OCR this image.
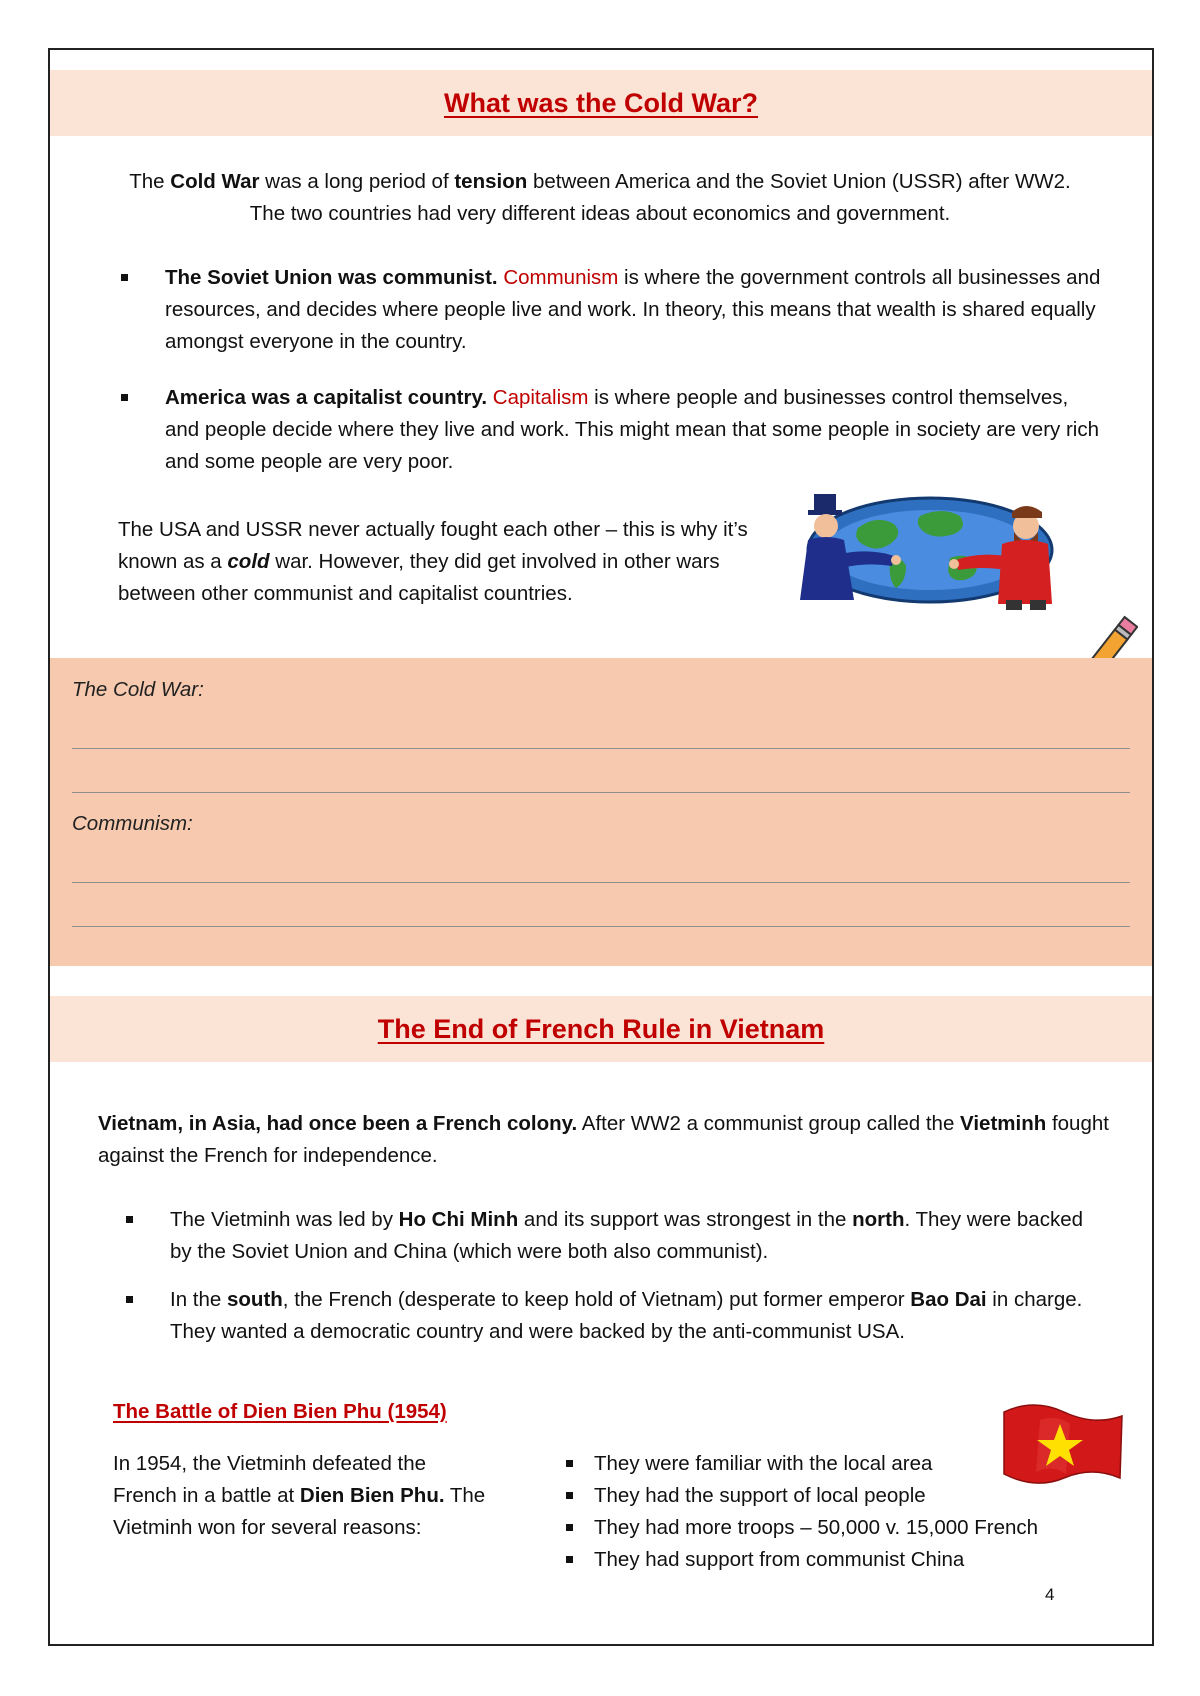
What was the Cold War?
The Cold War was a long period of tension between America and the Soviet Union (USSR) after WW2. The two countries had very different ideas about economics and government.
The Soviet Union was communist. Communism is where the government controls all businesses and resources, and decides where people live and work. In theory, this means that wealth is shared equally amongst everyone in the country.
America was a capitalist country. Capitalism is where people and businesses control themselves, and people decide where they live and work. This might mean that some people in society are very rich and some people are very poor.
The USA and USSR never actually fought each other – this is why it’s known as a cold war. However, they did get involved in other wars between other communist and capitalist countries.
The Cold War:
Communism:
The End of French Rule in Vietnam
Vietnam, in Asia, had once been a French colony. After WW2 a communist group called the Vietminh fought against the French for independence.
The Vietminh was led by Ho Chi Minh and its support was strongest in the north. They were backed by the Soviet Union and China (which were both also communist).
In the south, the French (desperate to keep hold of Vietnam) put former emperor Bao Dai in charge. They wanted a democratic country and were backed by the anti-communist USA.
The Battle of Dien Bien Phu (1954)
In 1954, the Vietminh defeated the French in a battle at Dien Bien Phu. The Vietminh won for several reasons:
They were familiar with the local area
They had the support of local people
They had more troops – 50,000 v. 15,000 French
They had support from communist China
4
